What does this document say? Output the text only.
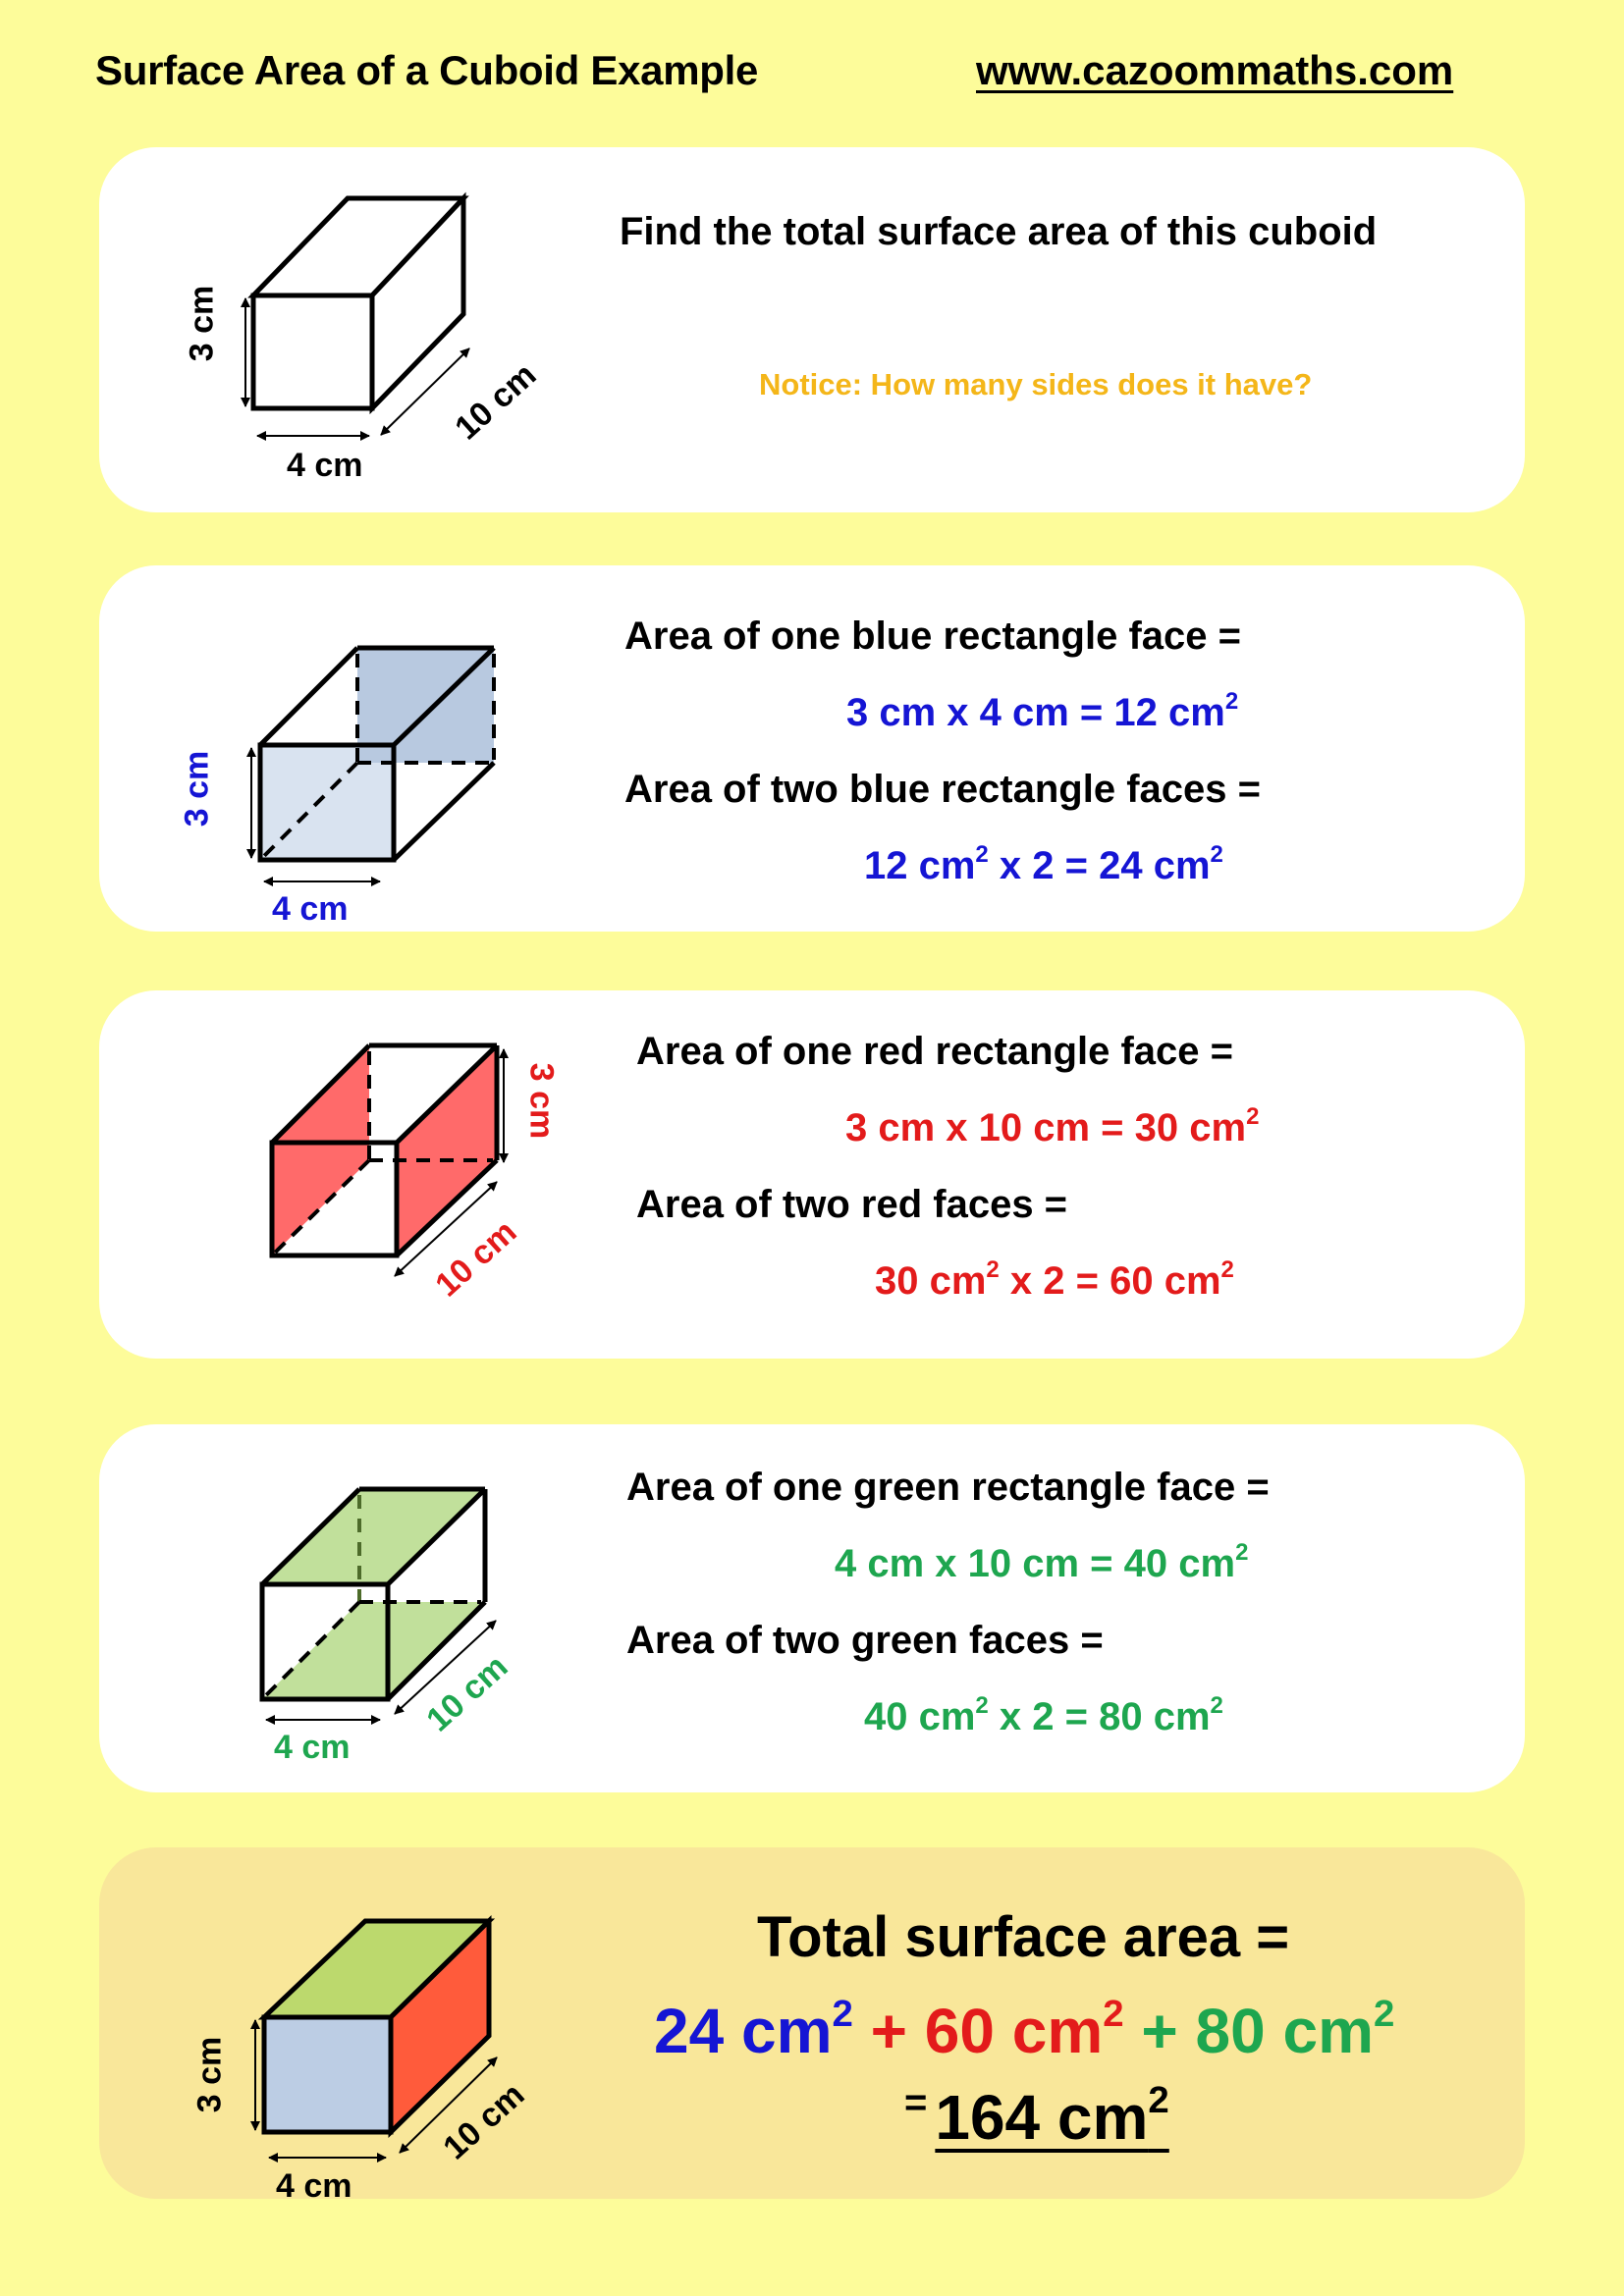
Surface Area of a Cuboid Example	www.cazoommaths.com
3 cm
4 cm
10 cm
Find the total surface area of this cuboid
Notice: How many sides does it have?
3 cm
4 cm
Area of one blue rectangle face =
3 cm x 4 cm = 12 $cm^2$
Area of two blue rectangle faces =
12 $cm^2$ x 2 = 24 $cm^2$
3 cm
10 cm
Area of one red rectangle face =
3 cm x 10 cm = 30 $cm^2$
Area of two red faces =
30 $cm^2$ x 2 = 60 $cm^2$
4 cm
10 cm
Area of one green rectangle face =
4 cm x 10 cm = 40 $cm^2$
Area of two green faces =
40 $cm^2$ x 2 = 80 $cm^2$
3 cm
4 cm
10 cm
Total surface area =
24 $cm^2 + 60$ $cm^2 + 80$ $cm^2$
= 164 $cm^2$
